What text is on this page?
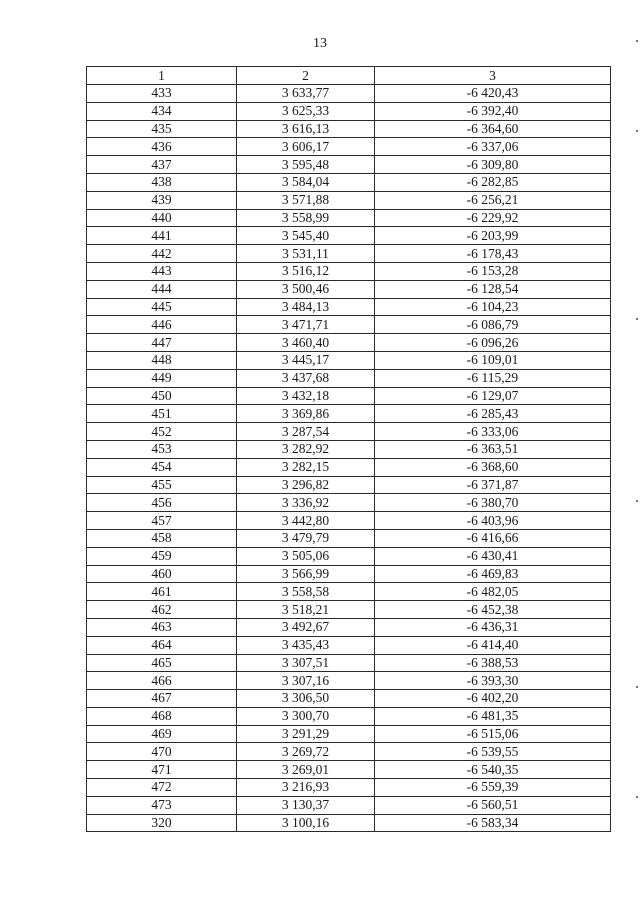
13
1	2	3
433	3 633,77	-6 420,43
434	3 625,33	-6 392,40
435	3 616,13	-6 364,60
436	3 606,17	-6 337,06
437	3 595,48	-6 309,80
438	3 584,04	-6 282,85
439	3 571,88	-6 256,21
440	3 558,99	-6 229,92
441	3 545,40	-6 203,99
442	3 531,11	-6 178,43
443	3 516,12	-6 153,28
444	3 500,46	-6 128,54
445	3 484,13	-6 104,23
446	3 471,71	-6 086,79
447	3 460,40	-6 096,26
448	3 445,17	-6 109,01
449	3 437,68	-6 115,29
450	3 432,18	-6 129,07
451	3 369,86	-6 285,43
452	3 287,54	-6 333,06
453	3 282,92	-6 363,51
454	3 282,15	-6 368,60
455	3 296,82	-6 371,87
456	3 336,92	-6 380,70
457	3 442,80	-6 403,96
458	3 479,79	-6 416,66
459	3 505,06	-6 430,41
460	3 566,99	-6 469,83
461	3 558,58	-6 482,05
462	3 518,21	-6 452,38
463	3 492,67	-6 436,31
464	3 435,43	-6 414,40
465	3 307,51	-6 388,53
466	3 307,16	-6 393,30
467	3 306,50	-6 402,20
468	3 300,70	-6 481,35
469	3 291,29	-6 515,06
470	3 269,72	-6 539,55
471	3 269,01	-6 540,35
472	3 216,93	-6 559,39
473	3 130,37	-6 560,51
320	3 100,16	-6 583,34
